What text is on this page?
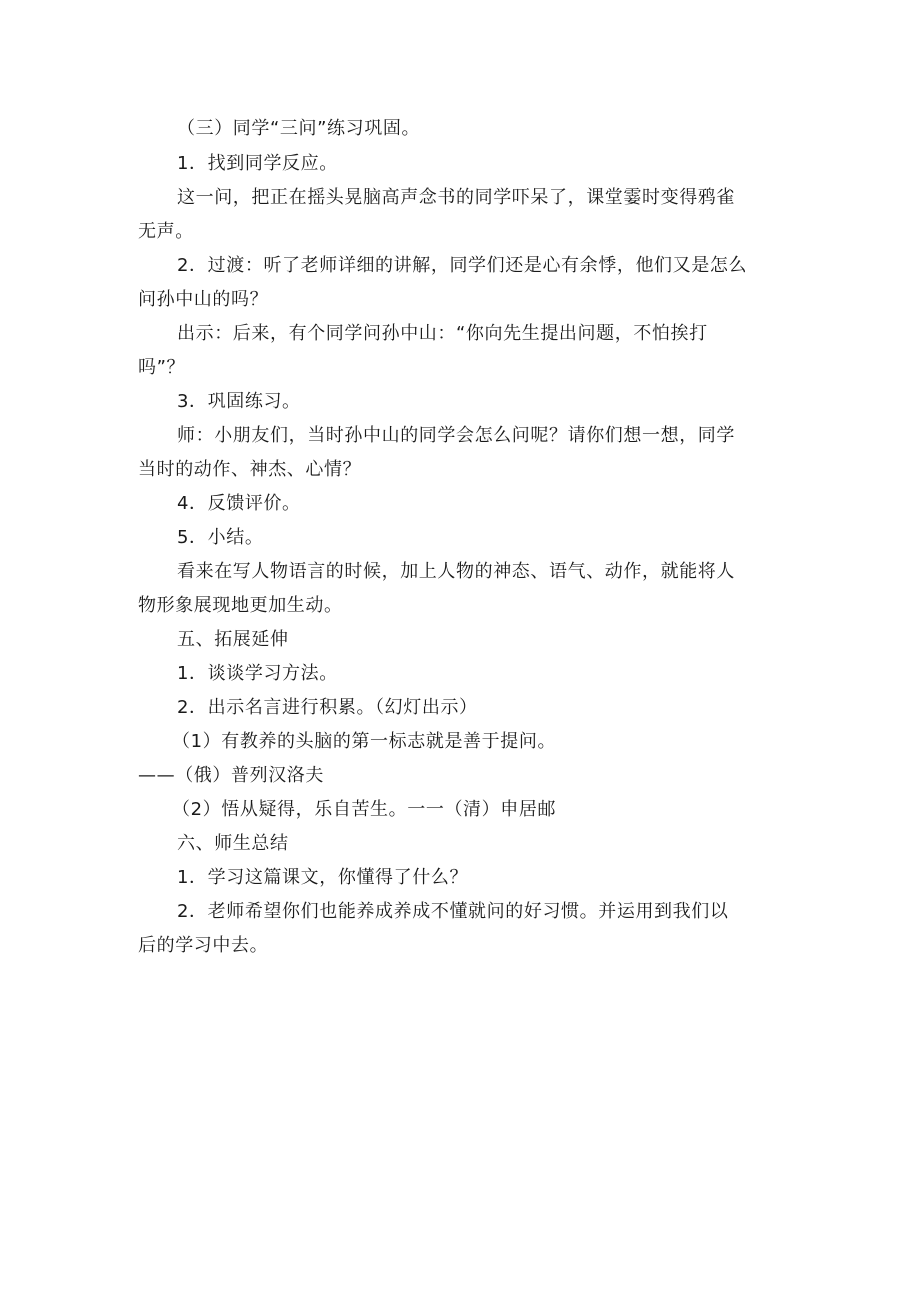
（三）同学“三问”练习巩固。
1．找到同学反应。
这一问，把正在摇头晃脑高声念书的同学吓呆了，课堂霎时变得鸦雀
无声。
2．过渡：听了老师详细的讲解，同学们还是心有余悸，他们又是怎么
问孙中山的吗？
出示：后来，有个同学问孙中山：“你向先生提出问题，不怕挨打
吗”？
3．巩固练习。
师：小朋友们，当时孙中山的同学会怎么问呢？请你们想一想，同学
当时的动作、神杰、心情？
4．反馈评价。
5．小结。
看来在写人物语言的时候，加上人物的神态、语气、动作，就能将人
物形象展现地更加生动。
五、拓展延伸
1．谈谈学习方法。
2．出示名言进行积累。（幻灯出示）
（1）有教养的头脑的第一标志就是善于提问。
——（俄）普列汉洛夫
（2）悟从疑得，乐自苦生。一一（清）申居邮
六、师生总结
1．学习这篇课文，你懂得了什么？
2．老师希望你们也能养成养成不懂就问的好习惯。并运用到我们以
后的学习中去。
